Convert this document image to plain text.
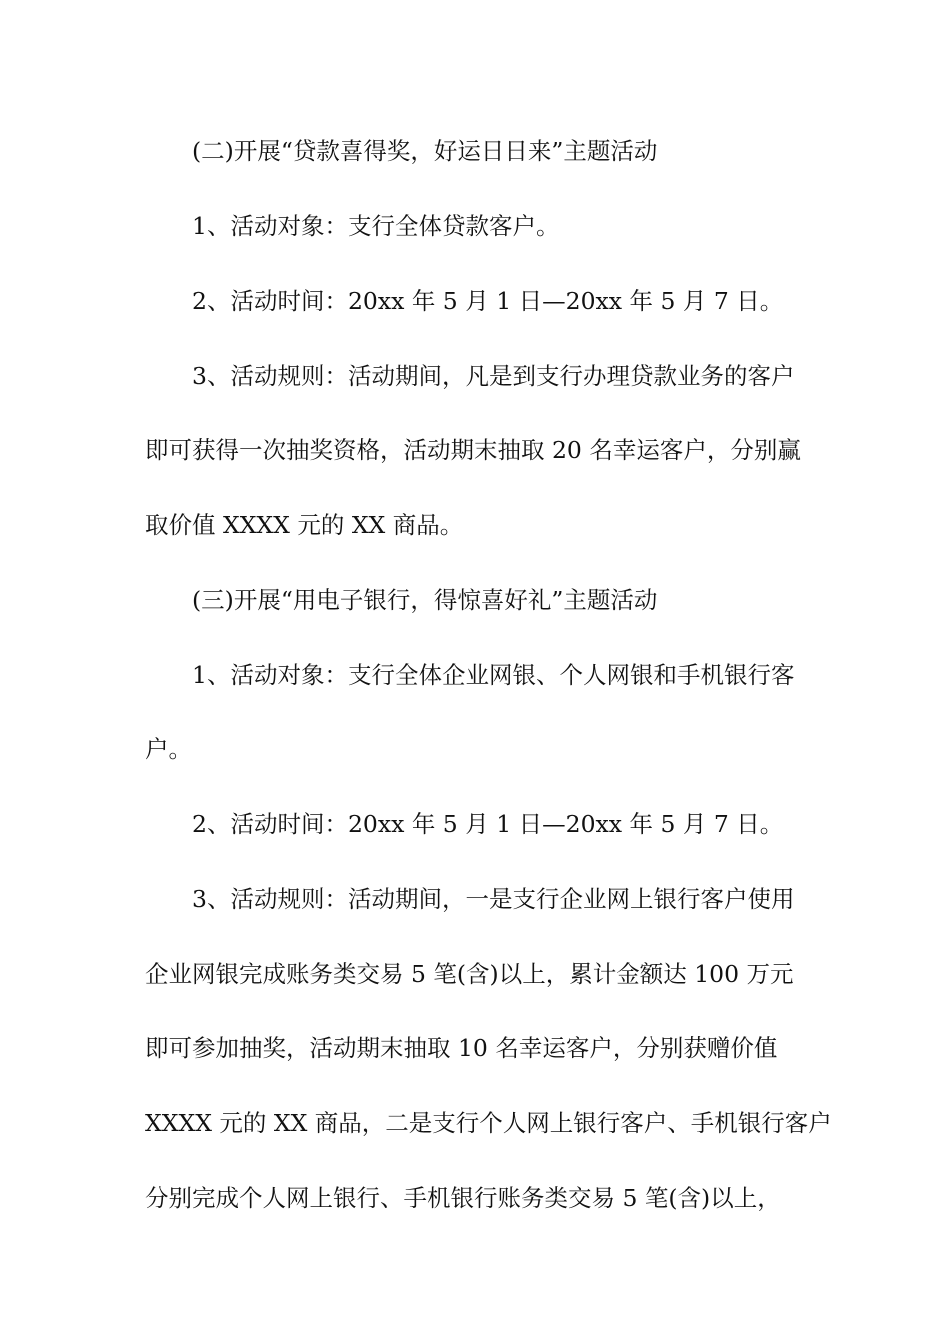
(二)开展“贷款喜得奖，好运日日来”主题活动
1、活动对象：支行全体贷款客户。
2、活动时间：20xx 年 5 月 1 日—20xx 年 5 月 7 日。
3、活动规则：活动期间，凡是到支行办理贷款业务的客户
即可获得一次抽奖资格，活动期末抽取 20 名幸运客户，分别赢
取价值 XXXX 元的 XX 商品。
(三)开展“用电子银行，得惊喜好礼”主题活动
1、活动对象：支行全体企业网银、个人网银和手机银行客
户。
2、活动时间：20xx 年 5 月 1 日—20xx 年 5 月 7 日。
3、活动规则：活动期间，一是支行企业网上银行客户使用
企业网银完成账务类交易 5 笔(含)以上，累计金额达 100 万元
即可参加抽奖，活动期末抽取 10 名幸运客户，分别获赠价值
XXXX 元的 XX 商品，二是支行个人网上银行客户、手机银行客户
分别完成个人网上银行、手机银行账务类交易 5 笔(含)以上，
